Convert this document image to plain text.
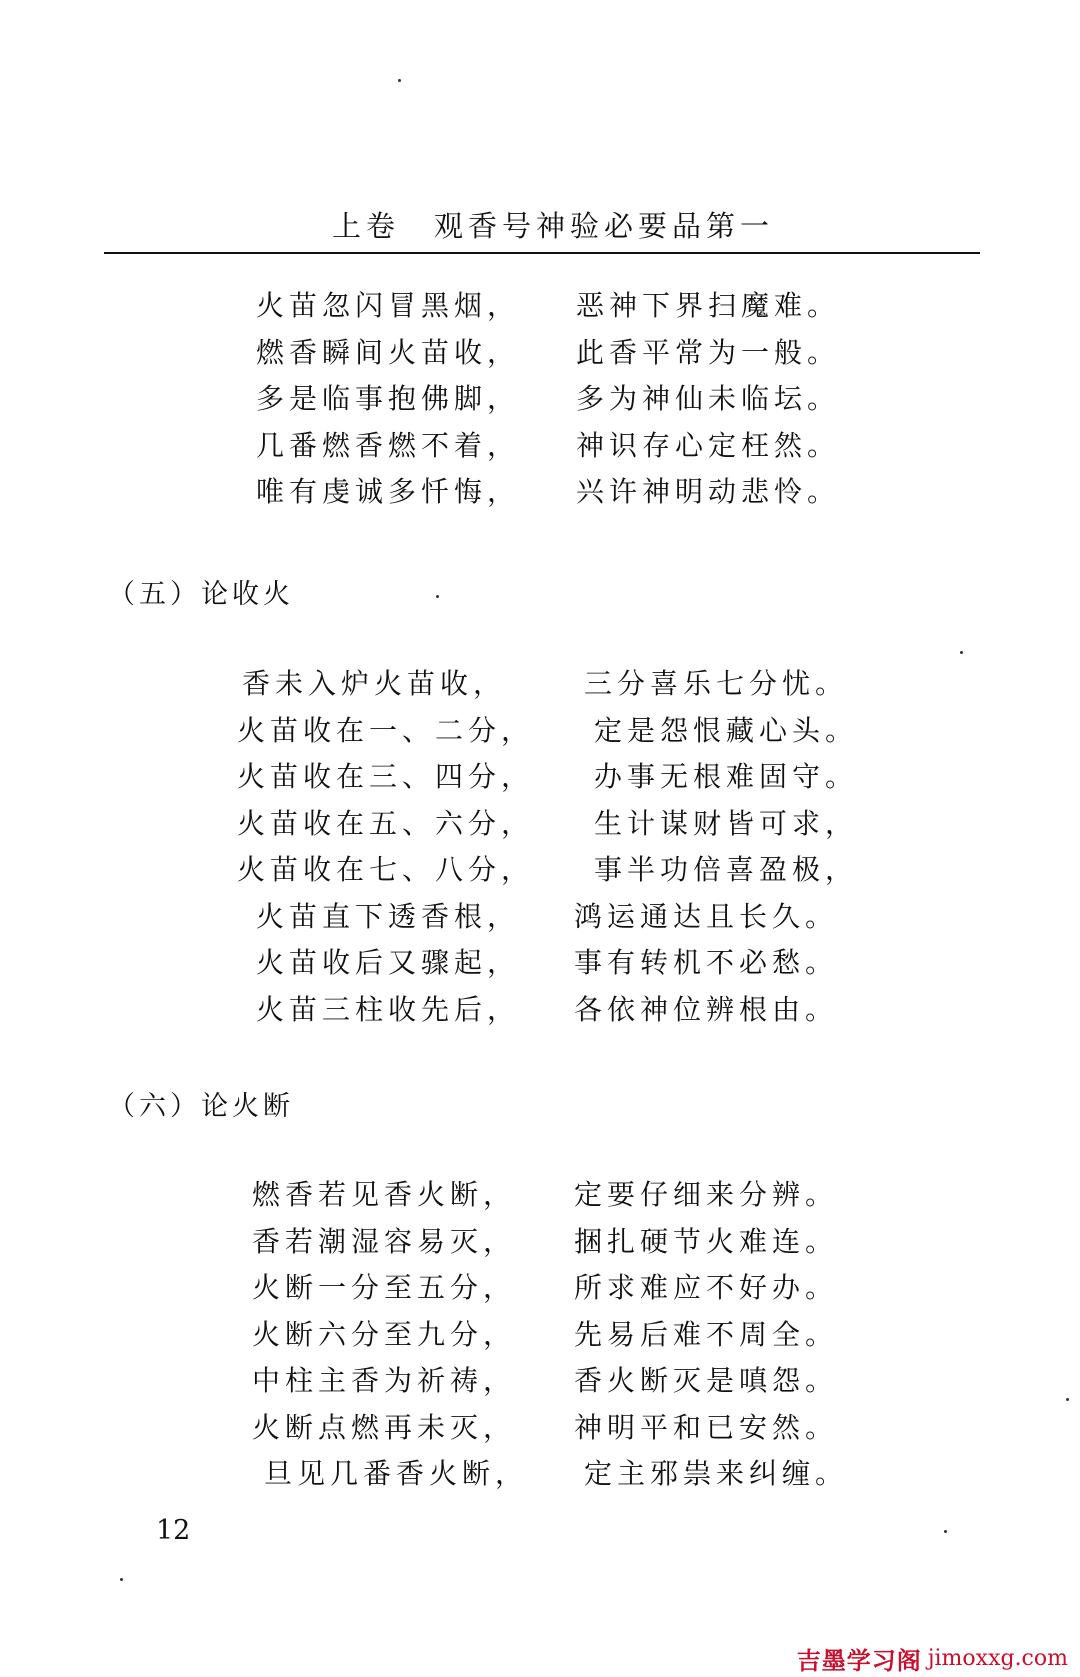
上卷　观香号神验必要品第一
火苗忽闪冒黑烟， 恶神下界扫魔难。
燃香瞬间火苗收， 此香平常为一般。
多是临事抱佛脚， 多为神仙未临坛。
几番燃香燃不着， 神识存心定枉然。
唯有虔诚多忏悔， 兴许神明动悲怜。
（五）论收火
香未入炉火苗收，	三分喜乐七分忧。
火苗收在一、二分， 定是怨恨藏心头。
火苗收在三、四分， 办事无根难固守。
火苗收在五、六分， 生计谋财皆可求，
火苗收在七、八分， 事半功倍喜盈极，
火苗直下透香根， 鸿运通达且长久。
火苗收后又骤起， 事有转机不必愁。
火苗三柱收先后， 各依神位辨根由。
（六）论火断
燃香若见香火断， 定要仔细来分辨。
香若潮湿容易灭， 捆扎硬节火难连。
火断一分至五分， 所求难应不好办。
火断六分至九分， 先易后难不周全。
中柱主香为祈祷， 香火断灭是嗔怨。
火断点燃再未灭， 神明平和已安然。
旦见几番香火断， 定主邪祟来纠缠。
12
吉墨学习阁 jimoxxg.com
